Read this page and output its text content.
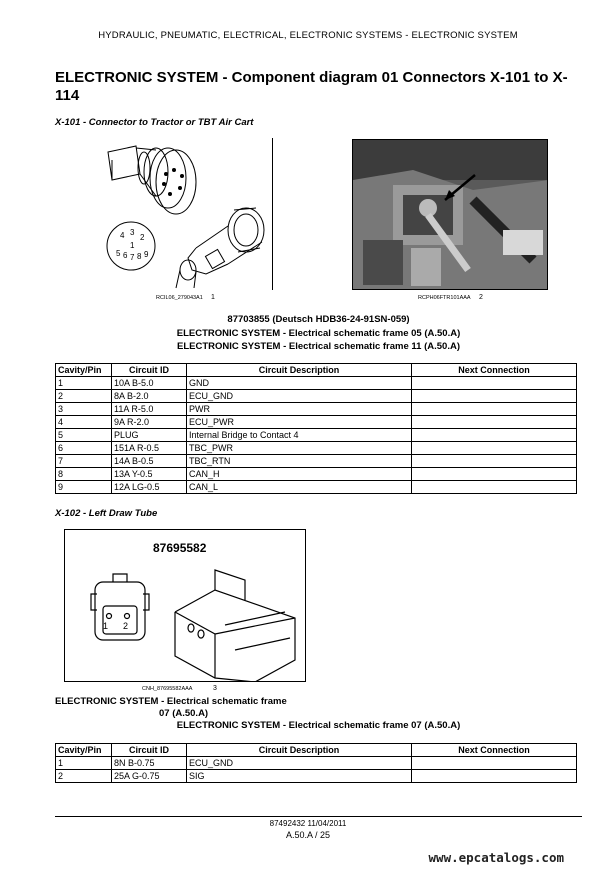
HYDRAULIC, PNEUMATIC, ELECTRICAL, ELECTRONIC SYSTEMS - ELECTRONIC SYSTEM
ELECTRONIC SYSTEM - Component diagram 01 Connectors X-101 to X-114
X-101 - Connector to Tractor or TBT Air Cart
4 3
2
1
5 6 7 8 9
RCIL06_279043A1 1	RCPH06FTR101AAA 2
87703855 (Deutsch HDB36-24-91SN-059)
ELECTRONIC SYSTEM - Electrical schematic frame 05 (A.50.A)
ELECTRONIC SYSTEM - Electrical schematic frame 11 (A.50.A)
Cavity/Pin	Circuit ID	Circuit Description	Next Connection
1	10A B-5.0	GND	
2	8A B-2.0	ECU_GND	
3	11A R-5.0	PWR	
4	9A R-2.0	ECU_PWR	
5	PLUG	Internal Bridge to Contact 4	
6	151A R-0.5	TBC_PWR	
7	14A B-0.5	TBC_RTN	
8	13A Y-0.5	CAN_H	
9	12A LG-0.5	CAN_L	
X-102 - Left Draw Tube
87695582
1 2
CNH_87695582AAA	3
ELECTRONIC SYSTEM - Electrical schematic frame
07 (A.50.A)
ELECTRONIC SYSTEM - Electrical schematic frame 07 (A.50.A)
Cavity/Pin	Circuit ID	Circuit Description	Next Connection
1	8N B-0.75	ECU_GND	
2	25A G-0.75	SIG	
87492432 11/04/2011
A.50.A / 25
www.epcatalogs.com
